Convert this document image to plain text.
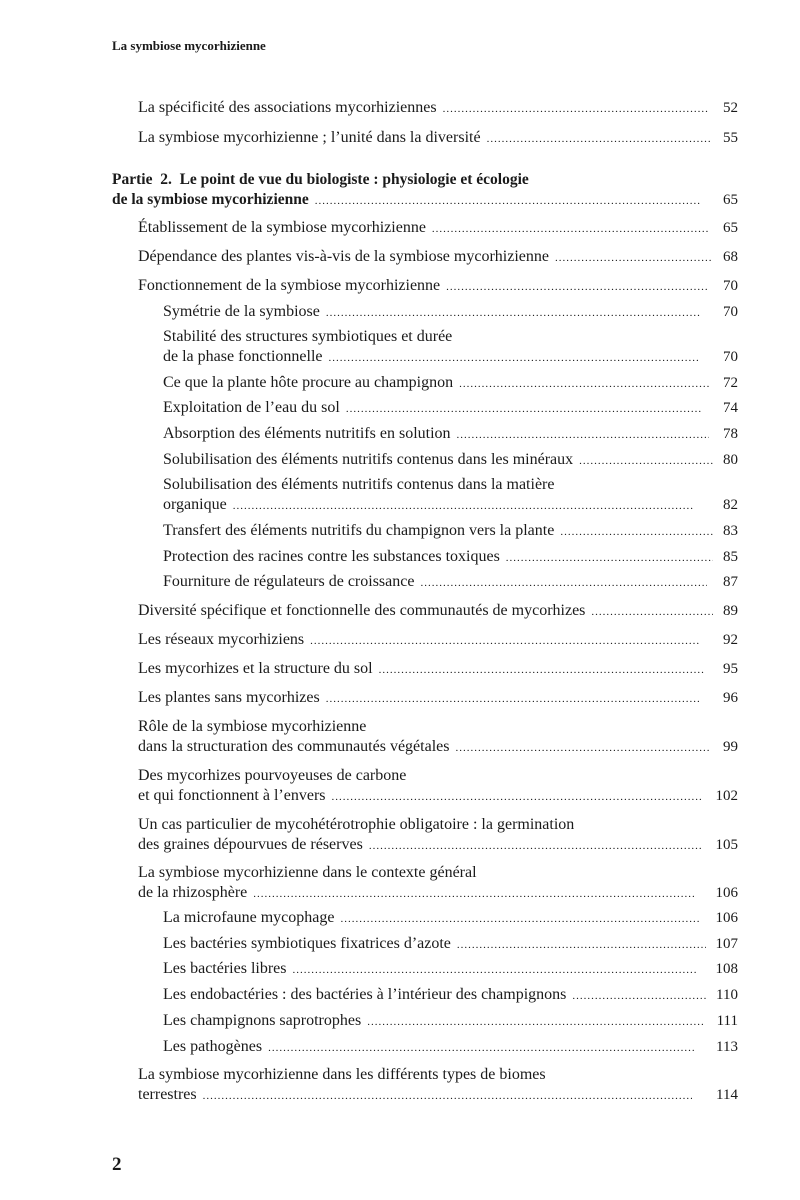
La symbiose mycorhizienne
La spécificité des associations mycorhiziennes .....	52
La symbiose mycorhizienne ; l’unité dans la diversité .....	55
Partie  2.  Le point de vue du biologiste : physiologie et écologie
de la symbiose mycorhizienne .....	65
Établissement de la symbiose mycorhizienne .....	65
Dépendance des plantes vis-à-vis de la symbiose mycorhizienne .....	68
Fonctionnement de la symbiose mycorhizienne .....	70
Symétrie de la symbiose .....	70
Stabilité des structures symbiotiques et durée
de la phase fonctionnelle .....	70
Ce que la plante hôte procure au champignon .....	72
Exploitation de l’eau du sol .....	74
Absorption des éléments nutritifs en solution .....	78
Solubilisation des éléments nutritifs contenus dans les minéraux .....	80
Solubilisation des éléments nutritifs contenus dans la matière
organique .....	82
Transfert des éléments nutritifs du champignon vers la plante .....	83
Protection des racines contre les substances toxiques .....	85
Fourniture de régulateurs de croissance .....	87
Diversité spécifique et fonctionnelle des communautés de mycorhizes .....	89
Les réseaux mycorhiziens .....	92
Les mycorhizes et la structure du sol .....	95
Les plantes sans mycorhizes .....	96
Rôle de la symbiose mycorhizienne
dans la structuration des communautés végétales .....	99
Des mycorhizes pourvoyeuses de carbone
et qui fonctionnent à l’envers .....	102
Un cas particulier de mycohétérotrophie obligatoire : la germination
des graines dépourvues de réserves .....	105
La symbiose mycorhizienne dans le contexte général
de la rhizosphère .....	106
La microfaune mycophage .....	106
Les bactéries symbiotiques fixatrices d’azote .....	107
Les bactéries libres .....	108
Les endobactéries : des bactéries à l’intérieur des champignons .....	110
Les champignons saprotrophes .....	111
Les pathogènes .....	113
La symbiose mycorhizienne dans les différents types de biomes
terrestres .....	114
2
